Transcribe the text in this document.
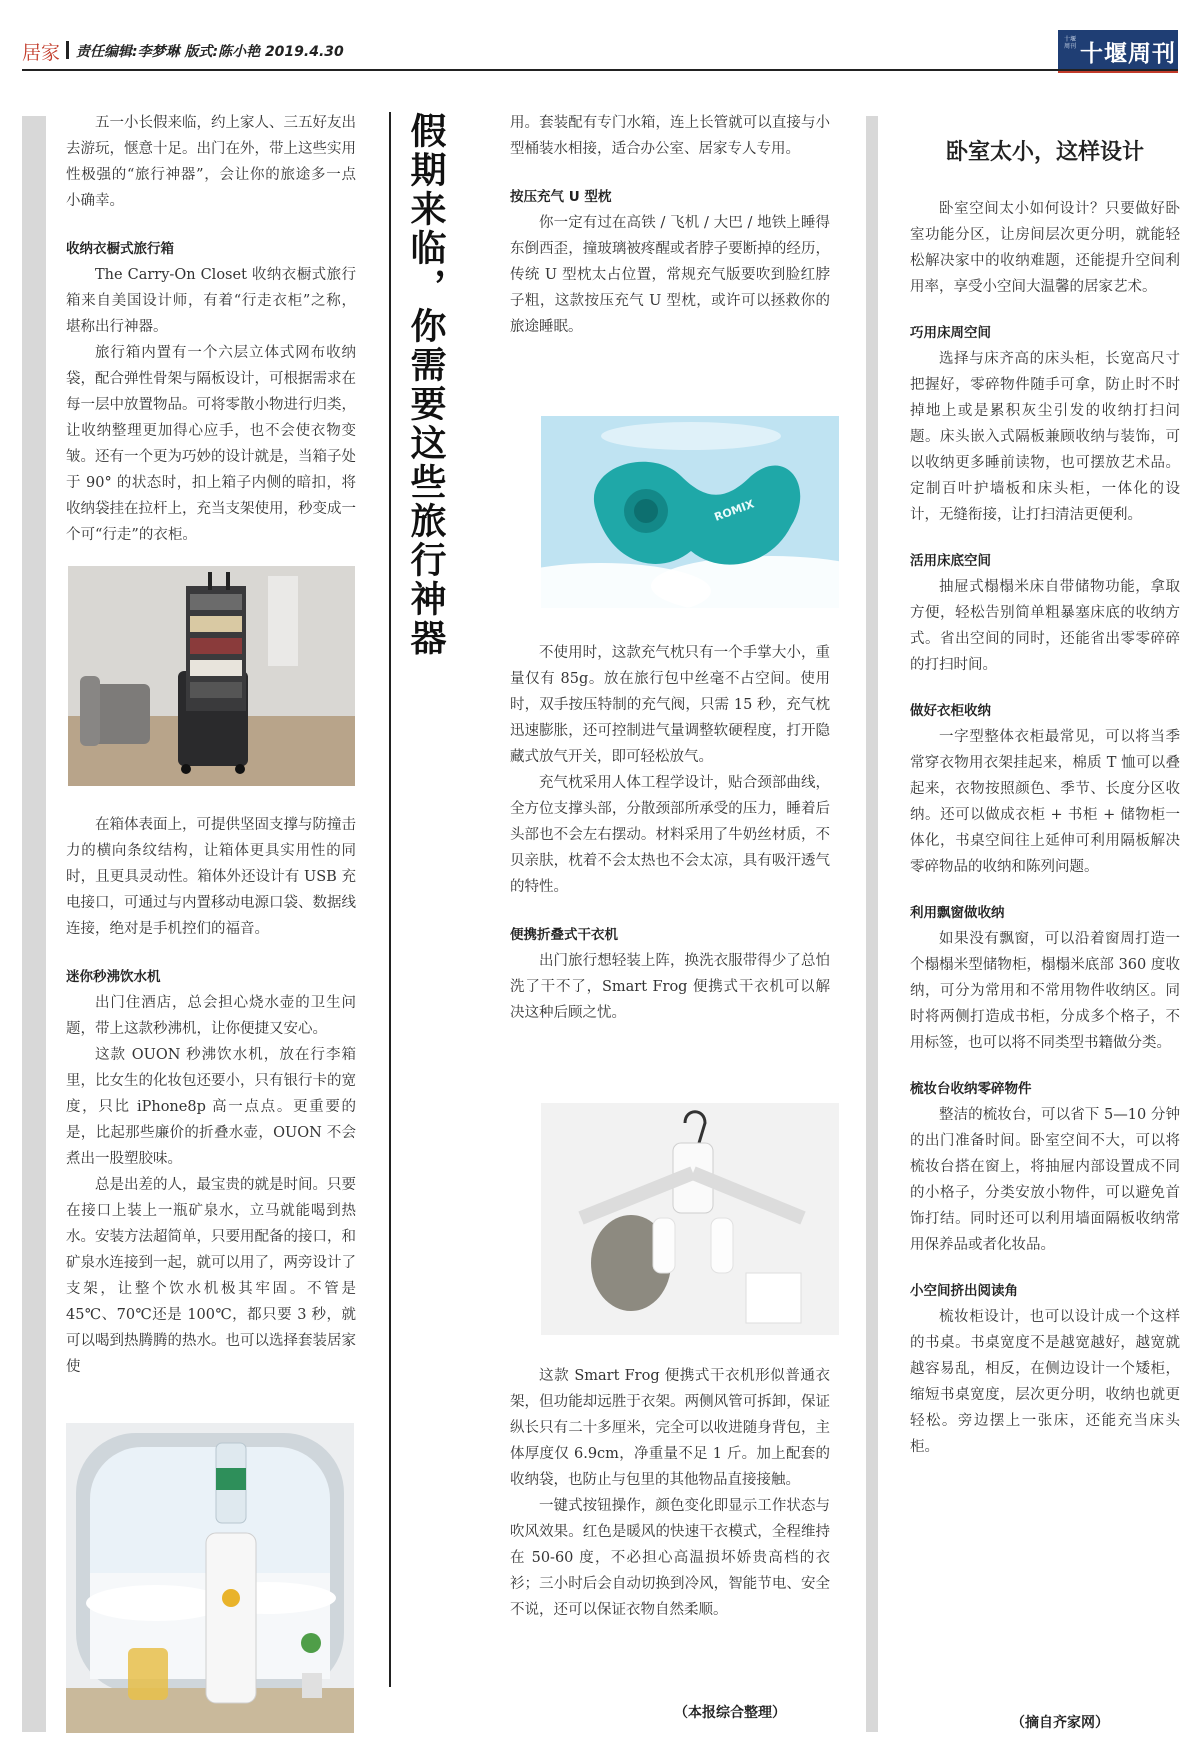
居家 责任编辑:李梦琳 版式:陈小艳 2019.4.30
十堰周刊 十堰周刊
假期来临，你需要这些旅行神器

五一小长假来临，约上家人、三五好友出去游玩，惬意十足。出门在外，带上这些实用性极强的“旅行神器”，会让你的旅途多一点小确幸。

收纳衣橱式旅行箱

The Carry-On Closet 收纳衣橱式旅行箱来自美国设计师，有着“行走衣柜”之称，堪称出行神器。

旅行箱内置有一个六层立体式网布收纳袋，配合弹性骨架与隔板设计，可根据需求在每一层中放置物品。可将零散小物进行归类，让收纳整理更加得心应手，也不会使衣物变皱。还有一个更为巧妙的设计就是，当箱子处于 90° 的状态时，扣上箱子内侧的暗扣，将收纳袋挂在拉杆上，充当支架使用，秒变成一个可“行走”的衣柜。

在箱体表面上，可提供坚固支撑与防撞击力的横向条纹结构，让箱体更具实用性的同时，且更具灵动性。箱体外还设计有 USB 充电接口，可通过与内置移动电源口袋、数据线连接，绝对是手机控们的福音。

迷你秒沸饮水机

出门住酒店，总会担心烧水壶的卫生问题，带上这款秒沸机，让你便捷又安心。

这款 OUON 秒沸饮水机，放在行李箱里，比女生的化妆包还要小，只有银行卡的宽度，只比 iPhone8p 高一点点。更重要的是，比起那些廉价的折叠水壶，OUON 不会煮出一股塑胶味。

总是出差的人，最宝贵的就是时间。只要在接口上装上一瓶矿泉水，立马就能喝到热水。安装方法超简单，只要用配备的接口，和矿泉水连接到一起，就可以用了，两旁设计了支架，让整个饮水机极其牢固。不管是 45℃、70℃还是 100℃，都只要 3 秒，就可以喝到热腾腾的热水。也可以选择套装居家使

用。套装配有专门水箱，连上长管就可以直接与小型桶装水相接，适合办公室、居家专人专用。

按压充气 U 型枕

你一定有过在高铁 / 飞机 / 大巴 / 地铁上睡得东倒西歪，撞玻璃被疼醒或者脖子要断掉的经历，传统 U 型枕太占位置，常规充气版要吹到脸红脖子粗，这款按压充气 U 型枕，或许可以拯救你的旅途睡眠。

ROMIX

不使用时，这款充气枕只有一个手掌大小，重量仅有 85g。放在旅行包中丝毫不占空间。使用时，双手按压特制的充气阀，只需 15 秒，充气枕迅速膨胀，还可控制进气量调整软硬程度，打开隐藏式放气开关，即可轻松放气。

充气枕采用人体工程学设计，贴合颈部曲线，全方位支撑头部，分散颈部所承受的压力，睡着后头部也不会左右摆动。材料采用了牛奶丝材质，不贝亲肤，枕着不会太热也不会太凉，具有吸汗透气的特性。

便携折叠式干衣机

出门旅行想轻装上阵，换洗衣服带得少了总怕洗了干不了，Smart Frog 便携式干衣机可以解决这种后顾之忧。

这款 Smart Frog 便携式干衣机形似普通衣架，但功能却远胜于衣架。两侧风管可拆卸，保证纵长只有二十多厘米，完全可以收进随身背包，主体厚度仅 6.9cm，净重量不足 1 斤。加上配套的收纳袋，也防止与包里的其他物品直接接触。

一键式按钮操作，颜色变化即显示工作状态与吹风效果。红色是暖风的快速干衣模式，全程维持在 50-60 度，不必担心高温损坏娇贵高档的衣衫；三小时后会自动切换到冷风，智能节电、安全不说，还可以保证衣物自然柔顺。

（本报综合整理）

卧室太小，这样设计

卧室空间太小如何设计？只要做好卧室功能分区，让房间层次更分明，就能轻松解决家中的收纳难题，还能提升空间利用率，享受小空间大温馨的居家艺术。

巧用床周空间

选择与床齐高的床头柜，长宽高尺寸把握好，零碎物件随手可拿，防止时不时掉地上或是累积灰尘引发的收纳打扫问题。床头嵌入式隔板兼顾收纳与装饰，可以收纳更多睡前读物，也可摆放艺术品。定制百叶护墙板和床头柜，一体化的设计，无缝衔接，让打扫清洁更便利。

活用床底空间

抽屉式榻榻米床自带储物功能，拿取方便，轻松告别简单粗暴塞床底的收纳方式。省出空间的同时，还能省出零零碎碎的打扫时间。

做好衣柜收纳

一字型整体衣柜最常见，可以将当季常穿衣物用衣架挂起来，棉质 T 恤可以叠起来，衣物按照颜色、季节、长度分区收纳。还可以做成衣柜 + 书柜 + 储物柜一体化，书桌空间往上延伸可利用隔板解决零碎物品的收纳和陈列问题。

利用飘窗做收纳

如果没有飘窗，可以沿着窗周打造一个榻榻米型储物柜，榻榻米底部 360 度收纳，可分为常用和不常用物件收纳区。同时将两侧打造成书柜，分成多个格子，不用标签，也可以将不同类型书籍做分类。

梳妆台收纳零碎物件

整洁的梳妆台，可以省下 5—10 分钟的出门准备时间。卧室空间不大，可以将梳妆台搭在窗上，将抽屉内部设置成不同的小格子，分类安放小物件，可以避免首饰打结。同时还可以利用墙面隔板收纳常用保养品或者化妆品。

小空间挤出阅读角

梳妆柜设计，也可以设计成一个这样的书桌。书桌宽度不是越宽越好，越宽就越容易乱，相反，在侧边设计一个矮柜，缩短书桌宽度，层次更分明，收纳也就更轻松。旁边摆上一张床，还能充当床头柜。

（摘自齐家网）
